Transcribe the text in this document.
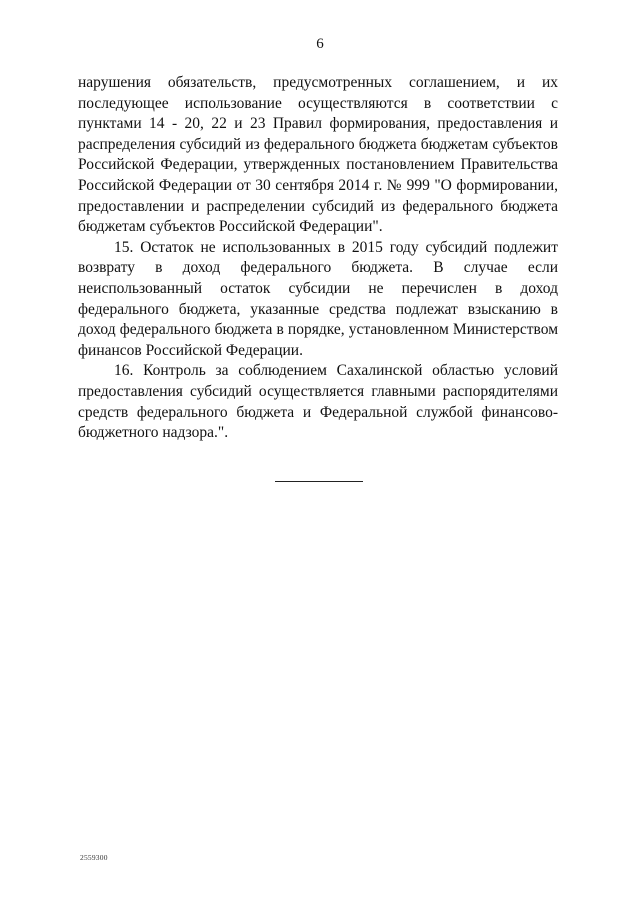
6

нарушения обязательств, предусмотренных соглашением, и их последующее использование осуществляются в соответствии с пунктами 14 - 20, 22 и 23 Правил формирования, предоставления и распределения субсидий из федерального бюджета бюджетам субъектов Российской Федерации, утвержденных постановлением Правительства Российской Федерации от 30 сентября 2014 г. № 999 "О формировании, предоставлении и распределении субсидий из федерального бюджета бюджетам субъектов Российской Федерации".

15. Остаток не использованных в 2015 году субсидий подлежит возврату в доход федерального бюджета. В случае если неиспользованный остаток субсидии не перечислен в доход федерального бюджета, указанные средства подлежат взысканию в доход федерального бюджета в порядке, установленном Министерством финансов Российской Федерации.

16. Контроль за соблюдением Сахалинской областью условий предоставления субсидий осуществляется главными распорядителями средств федерального бюджета и Федеральной службой финансово-бюджетного надзора.".

2559300
